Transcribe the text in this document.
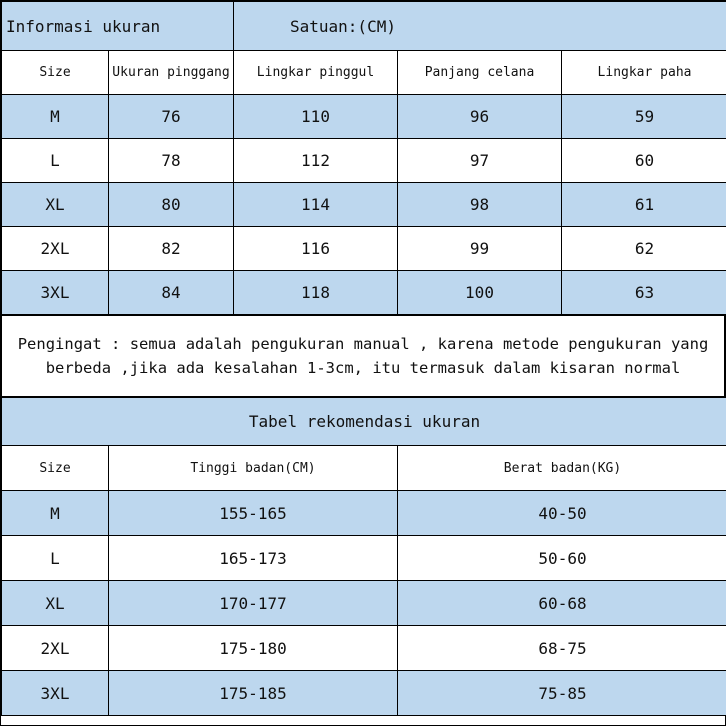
Informasi ukuran		Satuan:(CM)		
Size	Ukuran pinggang	Lingkar pinggul	Panjang celana	Lingkar paha
M	76	110	96	59
L	78	112	97	60
XL	80	114	98	61
2XL	82	116	99	62
3XL	84	118	100	63
Pengingat : semua adalah pengukuran manual , karena metode pengukuran yang
berbeda ,jika ada kesalahan 1-3cm, itu termasuk dalam kisaran normal
Tabel rekomendasi ukuran		
Size	Tinggi badan(CM)	Berat badan(KG)
M	155-165	40-50
L	165-173	50-60
XL	170-177	60-68
2XL	175-180	68-75
3XL	175-185	75-85
